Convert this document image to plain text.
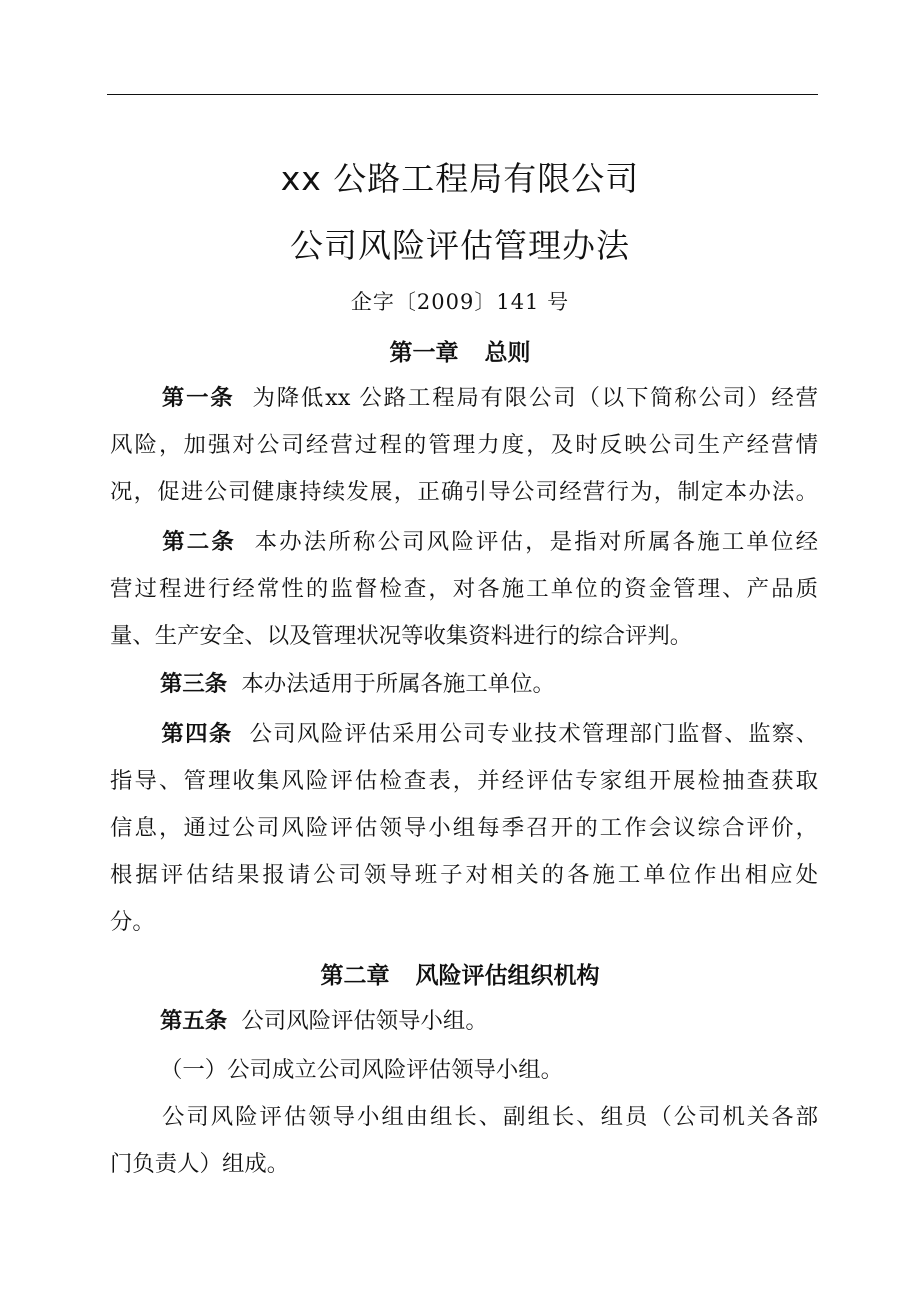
xx 公路工程局有限公司
公司风险评估管理办法
企字〔2009〕141 号
第一章 总则
第一条 为降低xx 公路工程局有限公司（以下简称公司）经营
风险，加强对公司经营过程的管理力度，及时反映公司生产经营情
况，促进公司健康持续发展，正确引导公司经营行为，制定本办法。
第二条 本办法所称公司风险评估，是指对所属各施工单位经
营过程进行经常性的监督检查，对各施工单位的资金管理、产品质
量、生产安全、以及管理状况等收集资料进行的综合评判。
第三条 本办法适用于所属各施工单位。
第四条 公司风险评估采用公司专业技术管理部门监督、监察、
指导、管理收集风险评估检查表，并经评估专家组开展检抽查获取
信息，通过公司风险评估领导小组每季召开的工作会议综合评价，
根据评估结果报请公司领导班子对相关的各施工单位作出相应处
分。
第二章 风险评估组织机构
第五条 公司风险评估领导小组。
（一）公司成立公司风险评估领导小组。
公司风险评估领导小组由组长、副组长、组员（公司机关各部
门负责人）组成。
